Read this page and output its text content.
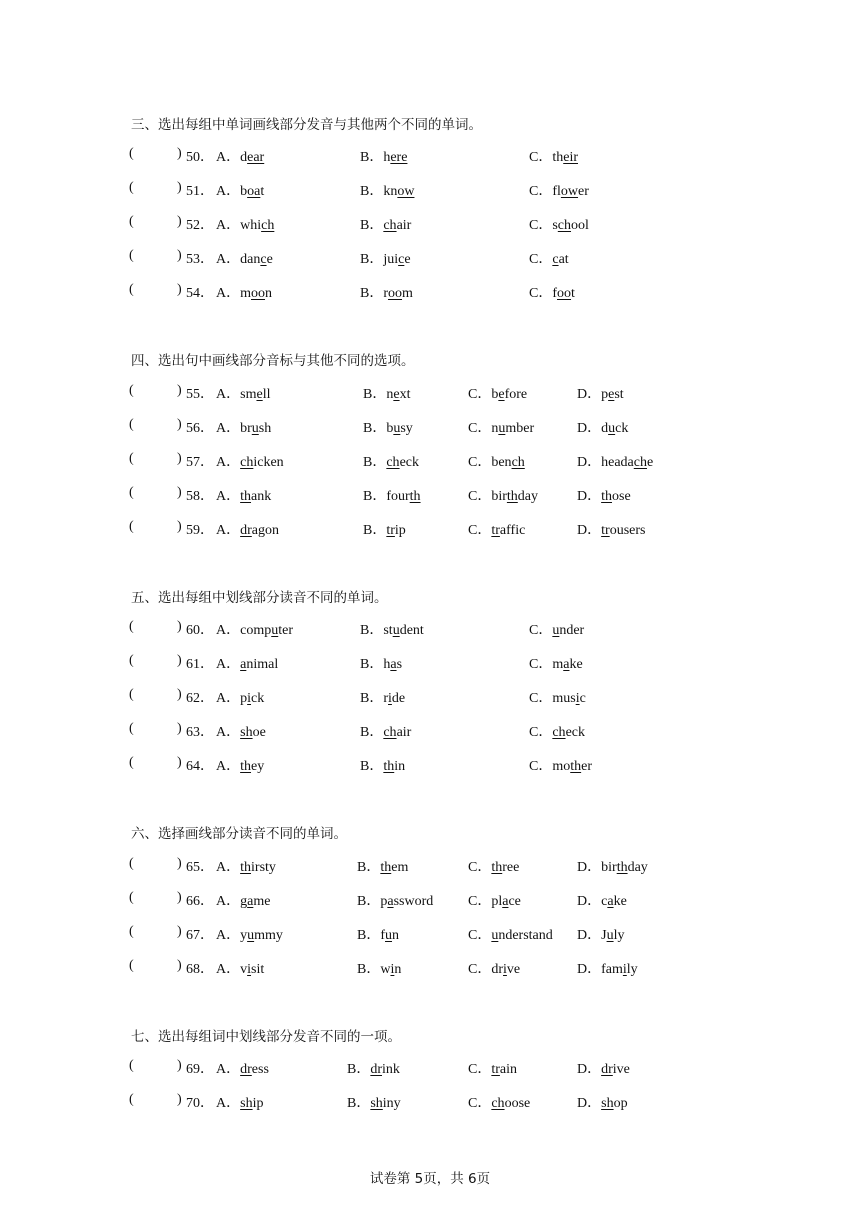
三、选出每组中单词画线部分发音与其他两个不同的单词。
(	) 50． A．dear	B．here	C．their
(	) 51． A．boat	B．know	C．flower
(	) 52． A．which	B．chair	C．school
(	) 53． A．dance	B．juice	C．cat
(	) 54． A．moon	B．room	C．foot
四、选出句中画线部分音标与其他不同的选项。
(	) 55． A．smell	B．next	C．before	D．pest
(	) 56． A．brush	B．busy	C．number	D．duck
(	) 57． A．chicken	B．check	C．bench	D．headache
(	) 58． A．thank	B．fourth	C．birthday	D．those
(	) 59． A．dragon	B．trip	C．traffic	D．trousers
五、选出每组中划线部分读音不同的单词。
(	) 60． A．computer	B．student	C．under
(	) 61． A．animal	B．has	C．make
(	) 62． A．pick	B．ride	C．music
(	) 63． A．shoe	B．chair	C．check
(	) 64． A．they	B．thin	C．mother
六、选择画线部分读音不同的单词。
(	) 65． A．thirsty	B．them	C．three	D．birthday
(	) 66． A．game	B．password C．place	D．cake
(	) 67． A．yummy	B．fun	C．understand D．July
(	) 68． A．visit	B．win	C．drive	D．family
七、选出每组词中划线部分发音不同的一项。
(	) 69． A．dress	B．drink	C．train	D．drive
(	) 70． A．ship	B．shiny	C．choose	D．shop
试卷第 5页，共 6页
